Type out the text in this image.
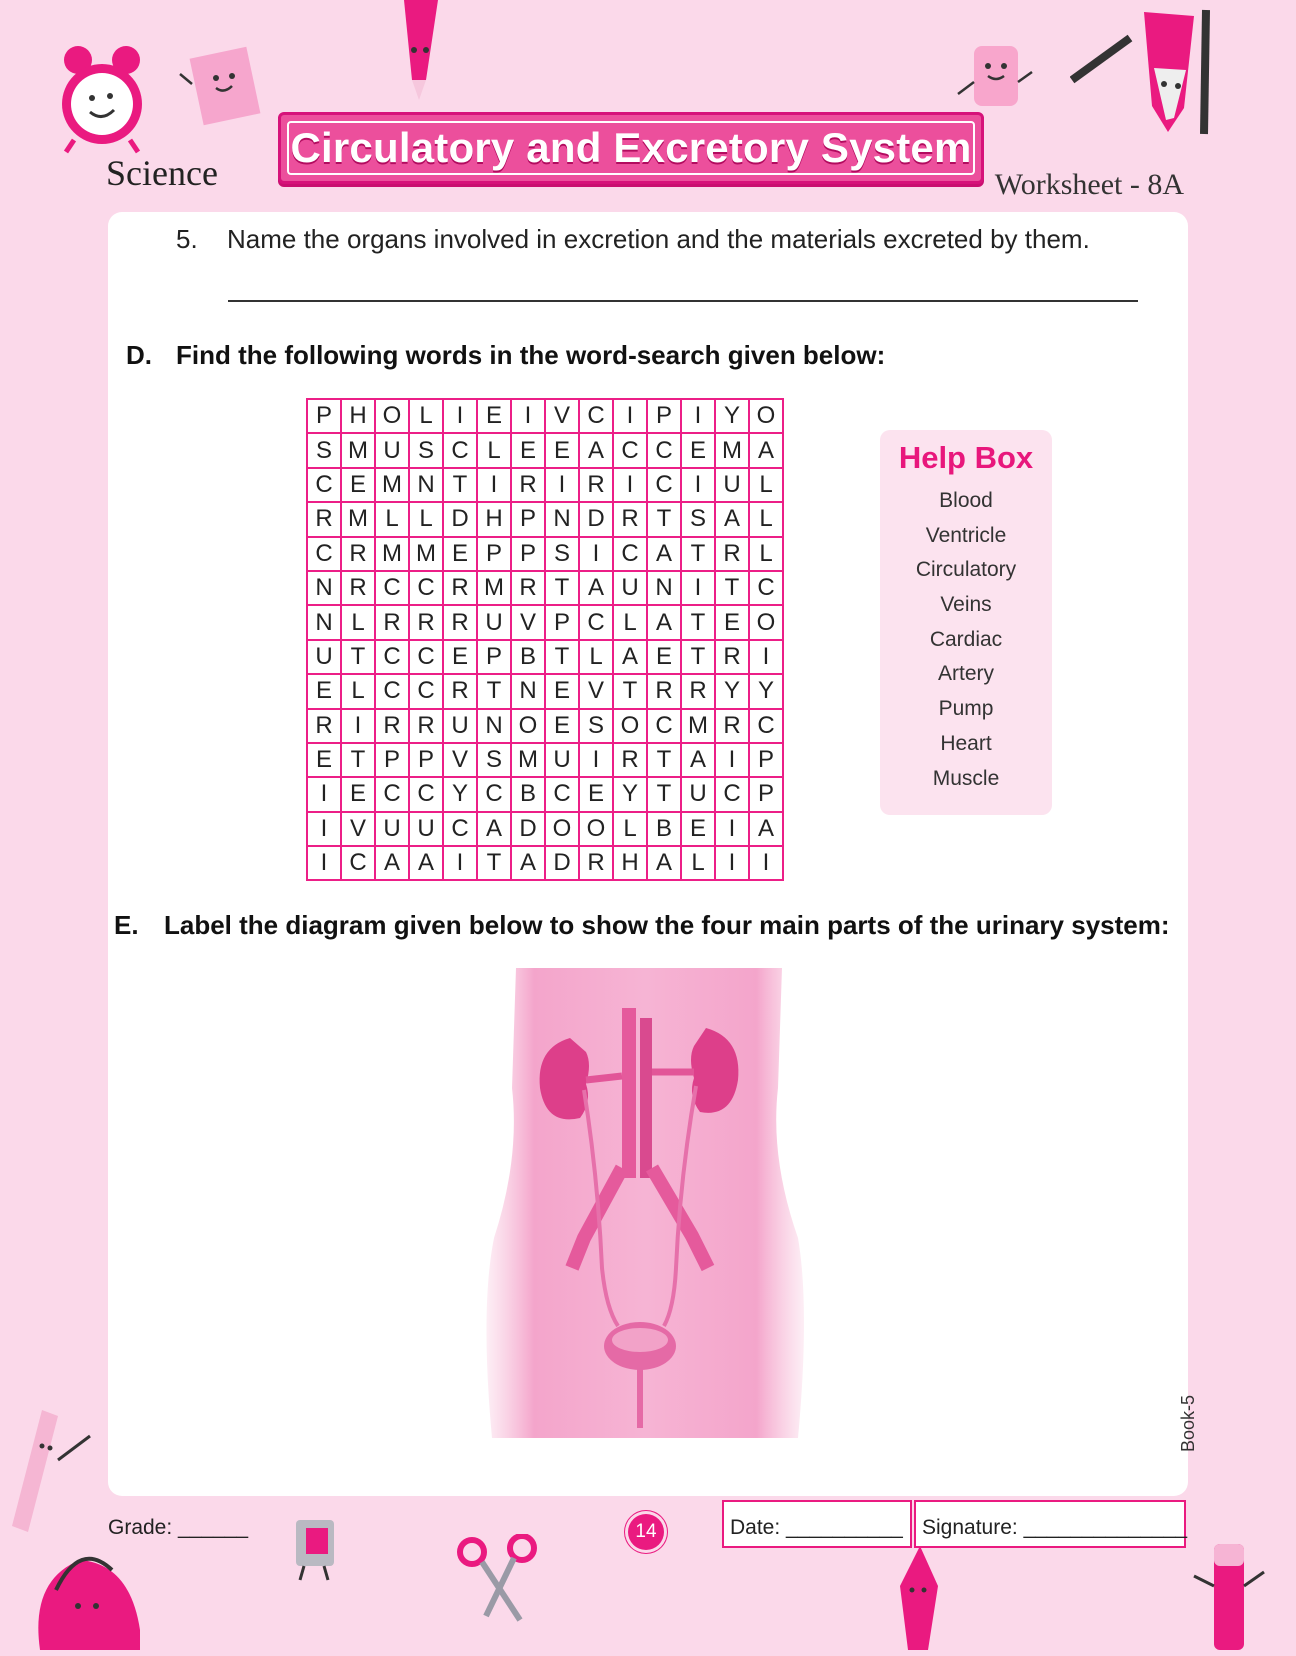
Science
Circulatory and Excretory System
Worksheet - 8A
5. Name the organs involved in excretion and the materials excreted by them.
D. Find the following words in the word-search given below:
P	H	O	L	I	E	I	V	C	I	P	I	Y	O
S	M	U	S	C	L	E	E	A	C	C	E	M	A
C	E	M	N	T	I	R	I	R	I	C	I	U	L
R	M	L	L	D	H	P	N	D	R	T	S	A	L
C	R	M	M	E	P	P	S	I	C	A	T	R	L
N	R	C	C	R	M	R	T	A	U	N	I	T	C
N	L	R	R	R	U	V	P	C	L	A	T	E	O
U	T	C	C	E	P	B	T	L	A	E	T	R	I
E	L	C	C	R	T	N	E	V	T	R	R	Y	Y
R	I	R	R	U	N	O	E	S	O	C	M	R	C
E	T	P	P	V	S	M	U	I	R	T	A	I	P
I	E	C	C	Y	C	B	C	E	Y	T	U	C	P
I	V	U	U	C	A	D	O	O	L	B	E	I	A
I	C	A	A	I	T	A	D	R	H	A	L	I	I
Help Box
Blood
Ventricle
Circulatory
Veins
Cardiac
Artery
Pump
Heart
Muscle
E. Label the diagram given below to show the four main parts of the urinary system:
Grade: ______	14	Date: __________ Signature: ______________
Book-5
